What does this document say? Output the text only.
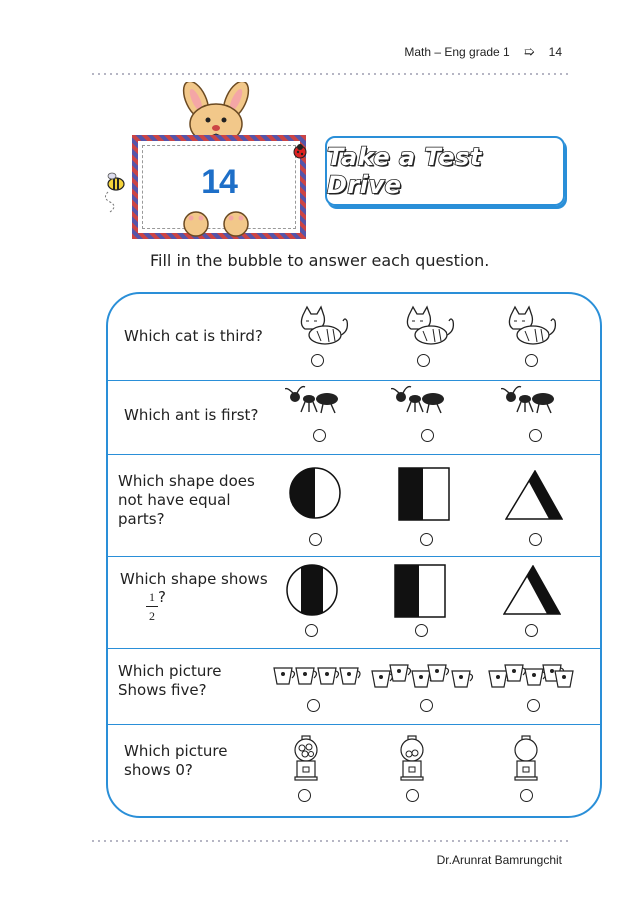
Math – Eng grade 1 ➯ 14
14
Take a Test Drive
Fill in the bubble to answer each question.
Which cat is third?
Which ant is first?
Which shape does
not have equal
parts?
Which shape shows
1
2
?
Which picture
Shows five?
Which picture
shows 0?
Dr.Arunrat Bamrungchit
